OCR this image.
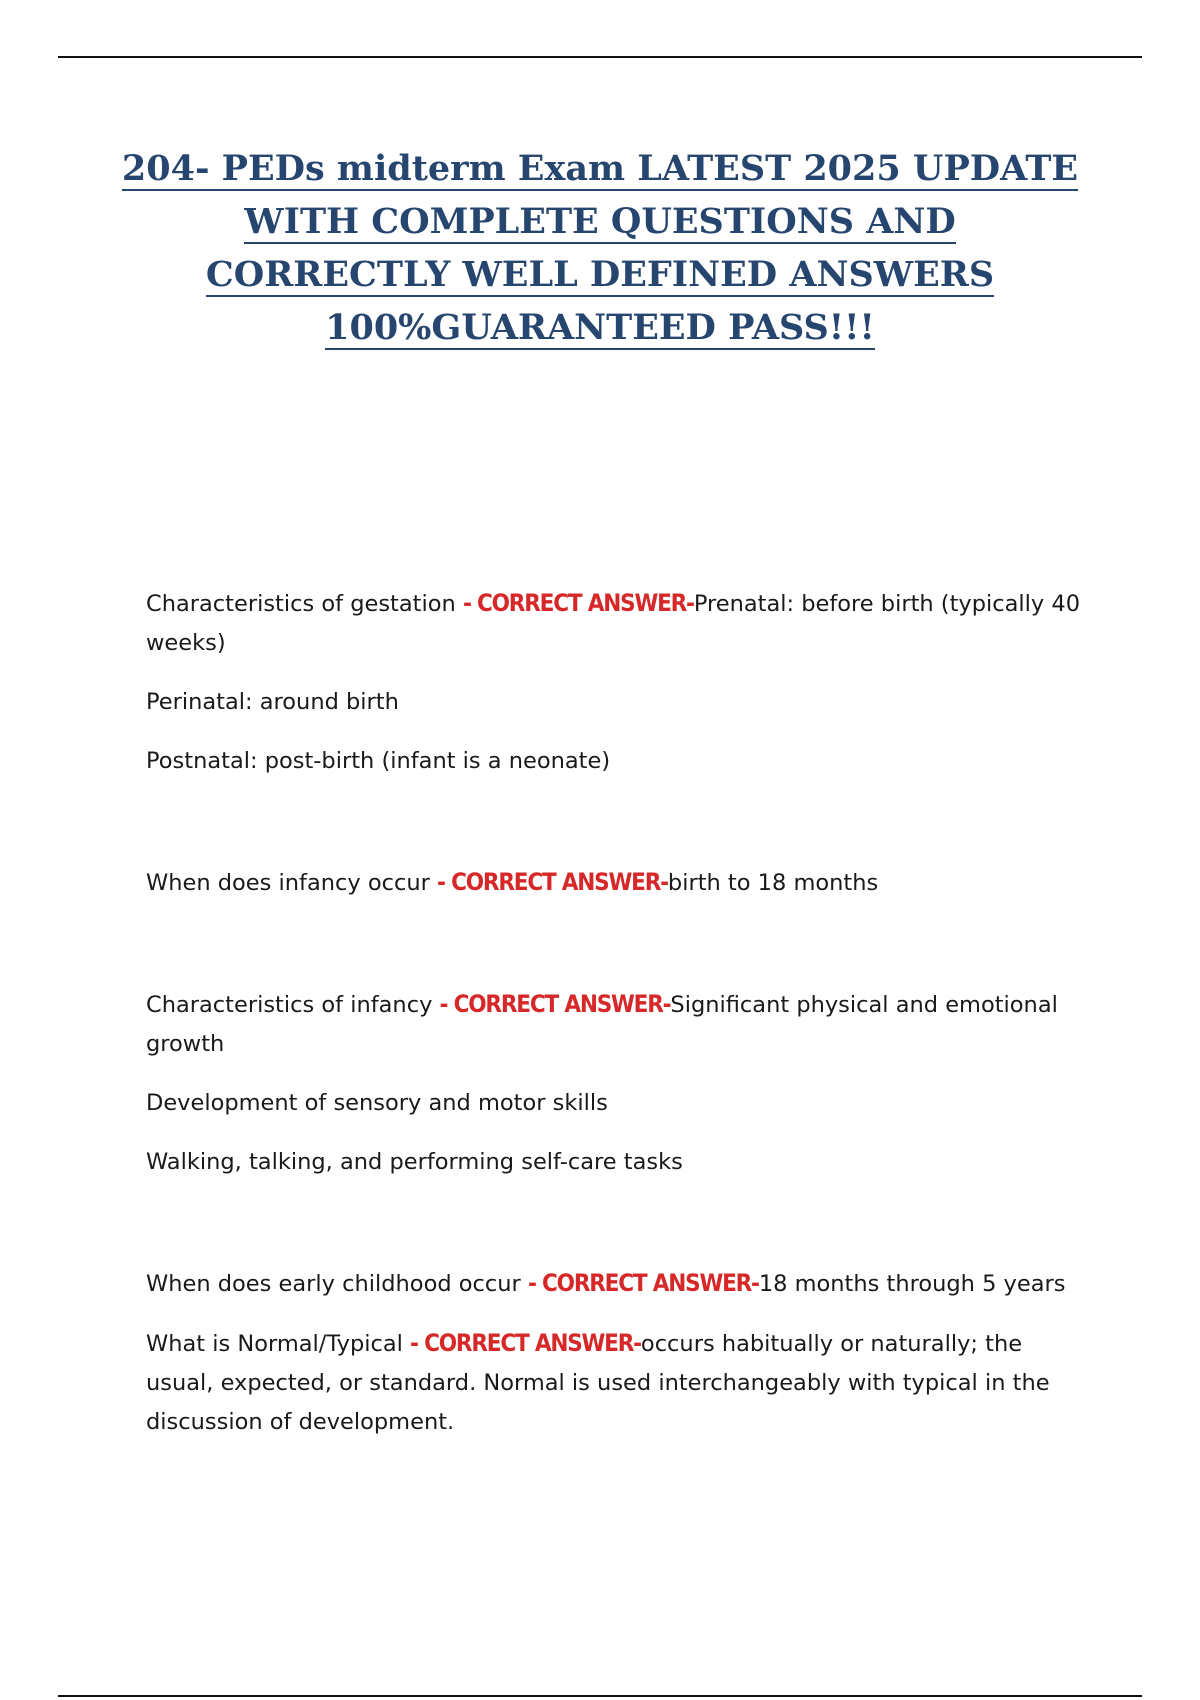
204- PEDs midterm Exam LATEST 2025 UPDATE
WITH COMPLETE QUESTIONS AND
CORRECTLY WELL DEFINED ANSWERS
100%GUARANTEED PASS!!!

Characteristics of gestation - CORRECT ANSWER-Prenatal: before birth (typically 40 weeks)

Perinatal: around birth

Postnatal: post-birth (infant is a neonate)

When does infancy occur - CORRECT ANSWER-birth to 18 months

Characteristics of infancy - CORRECT ANSWER-Significant physical and emotional growth

Development of sensory and motor skills

Walking, talking, and performing self-care tasks

When does early childhood occur - CORRECT ANSWER-18 months through 5 years

What is Normal/Typical - CORRECT ANSWER-occurs habitually or naturally; the usual, expected, or standard. Normal is used interchangeably with typical in the discussion of development.
